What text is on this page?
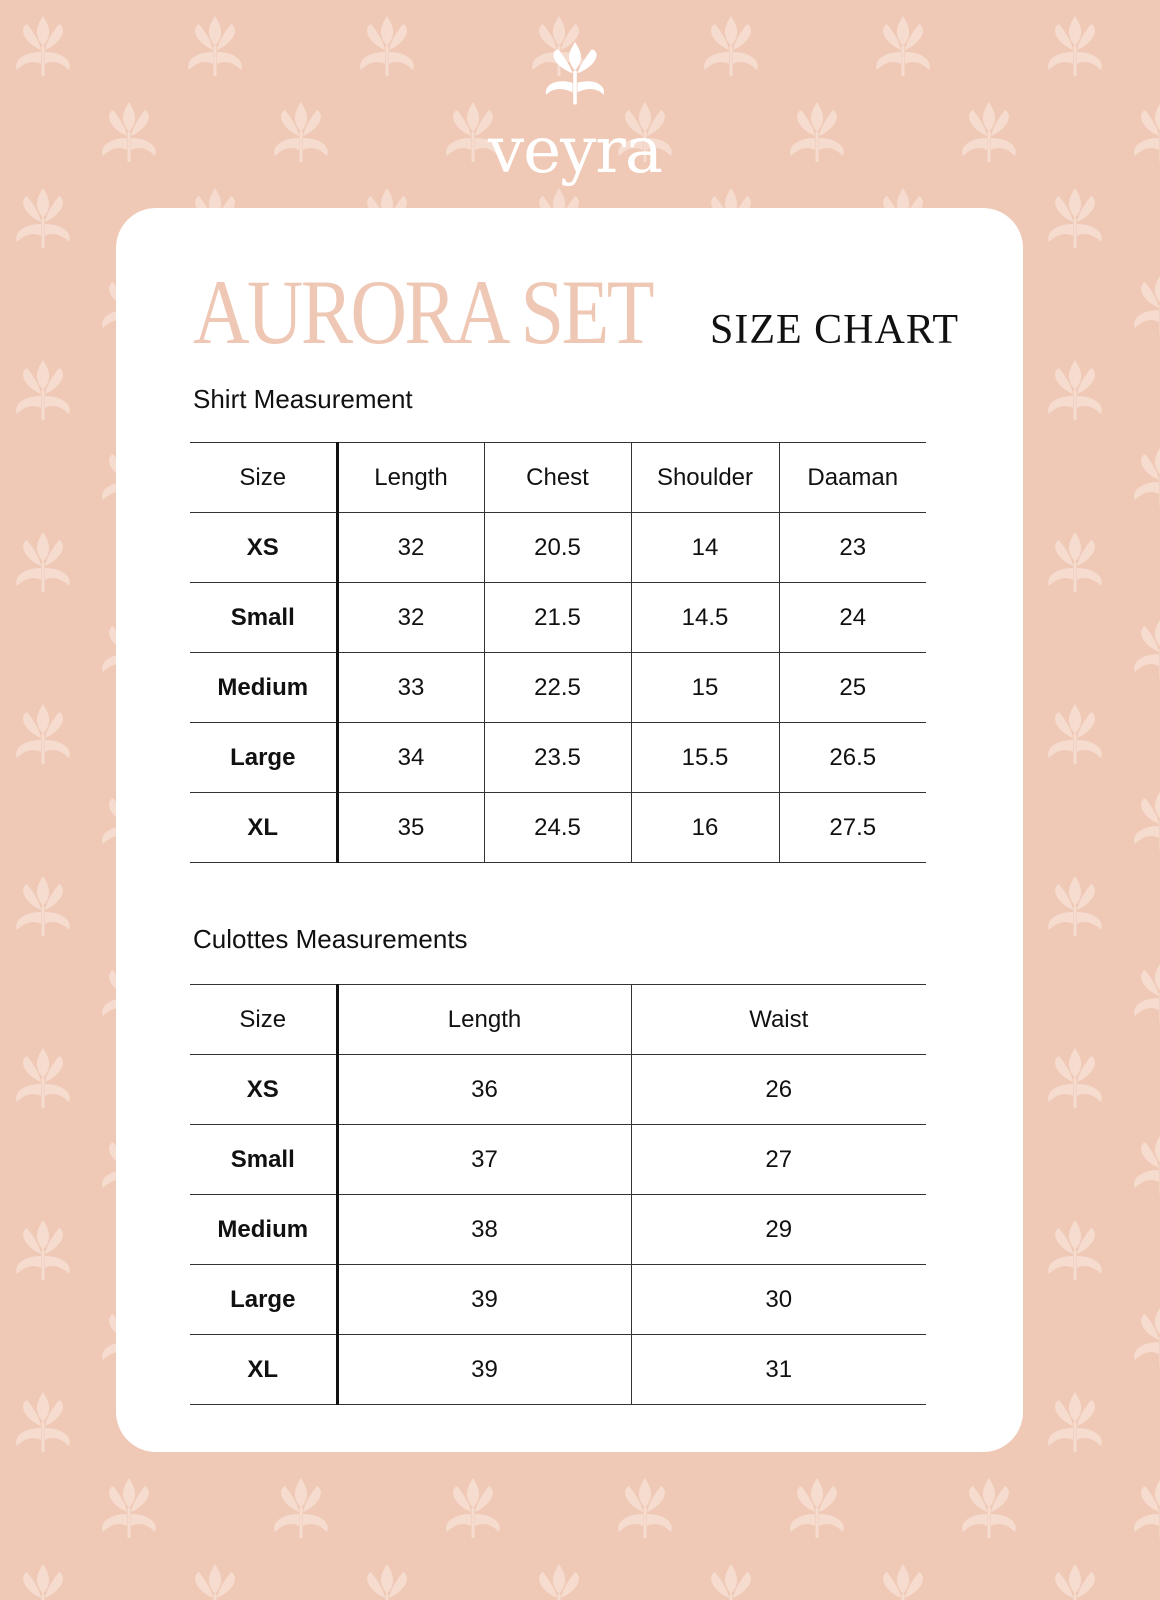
veyra
AURORA SET SIZE CHART
Shirt Measurement
Size	Length	Chest	Shoulder	Daaman
XS	32	20.5	14	23
Small	32	21.5	14.5	24
Medium	33	22.5	15	25
Large	34	23.5	15.5	26.5
XL	35	24.5	16	27.5
Culottes Measurements
Size	Length	Waist
XS	36	26
Small	37	27
Medium	38	29
Large	39	30
XL	39	31
